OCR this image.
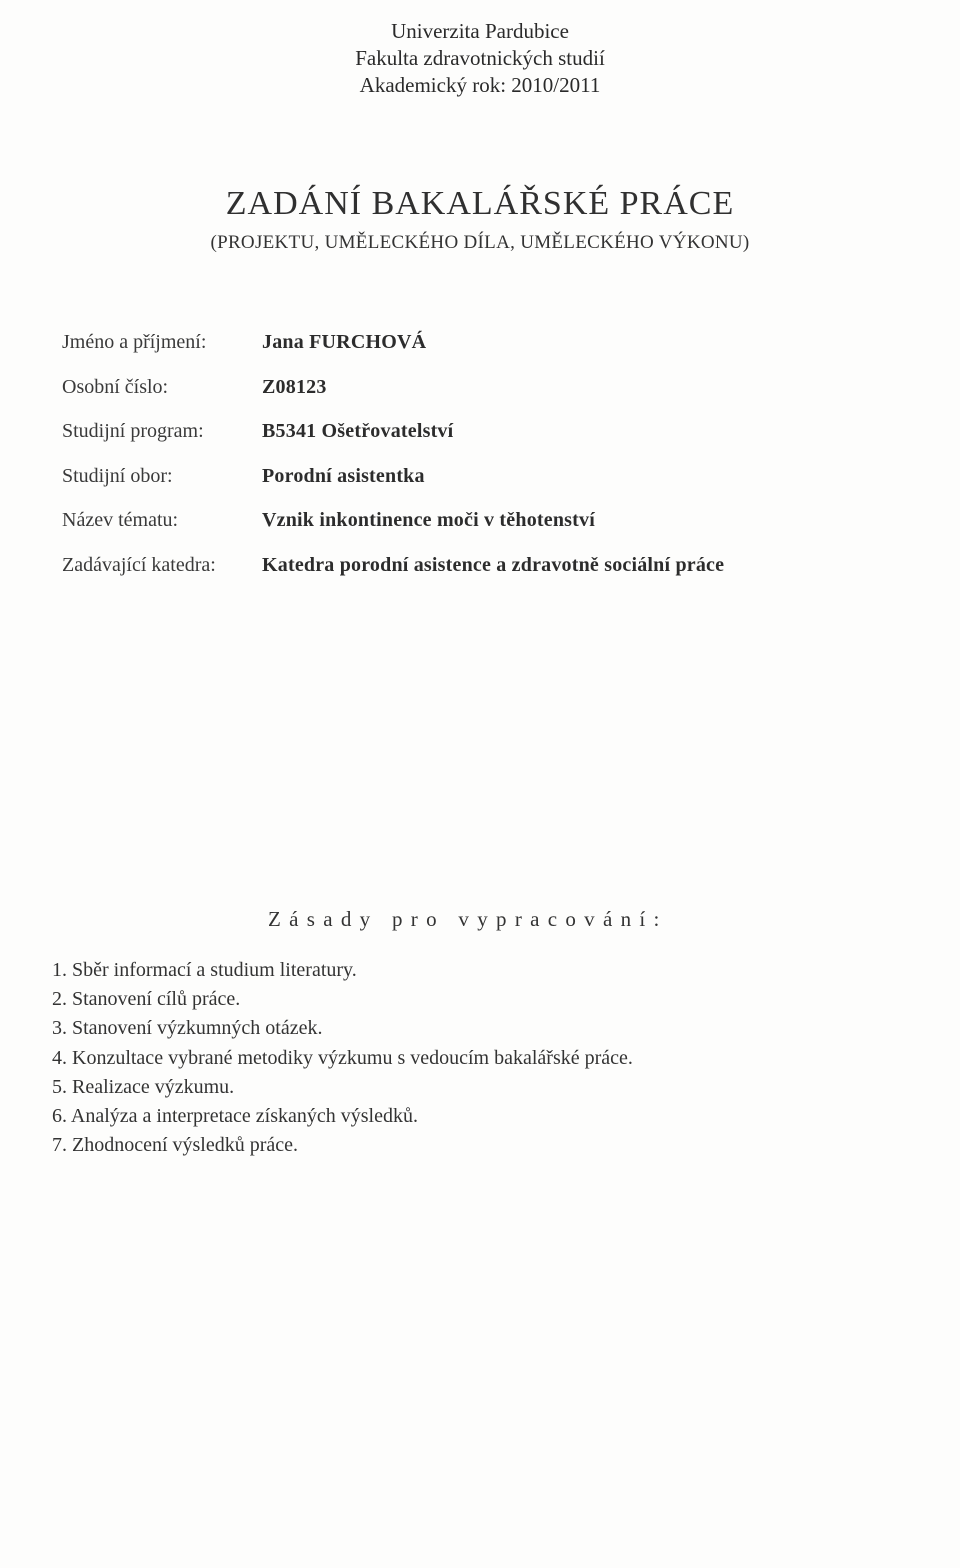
Univerzita Pardubice
Fakulta zdravotnických studií
Akademický rok: 2010/2011
ZADÁNÍ BAKALÁŘSKÉ PRÁCE
(PROJEKTU, UMĚLECKÉHO DÍLA, UMĚLECKÉHO VÝKONU)
Jméno a příjmení:	Jana FURCHOVÁ
Osobní číslo:	Z08123
Studijní program:	B5341 Ošetřovatelství
Studijní obor:	Porodní asistentka
Název tématu:	Vznik inkontinence moči v těhotenství
Zadávající katedra: Katedra porodní asistence a zdravotně sociální práce
Zásady pro vypracování:
1. Sběr informací a studium literatury.
2. Stanovení cílů práce.
3. Stanovení výzkumných otázek.
4. Konzultace vybrané metodiky výzkumu s vedoucím bakalářské práce.
5. Realizace výzkumu.
6. Analýza a interpretace získaných výsledků.
7. Zhodnocení výsledků práce.
